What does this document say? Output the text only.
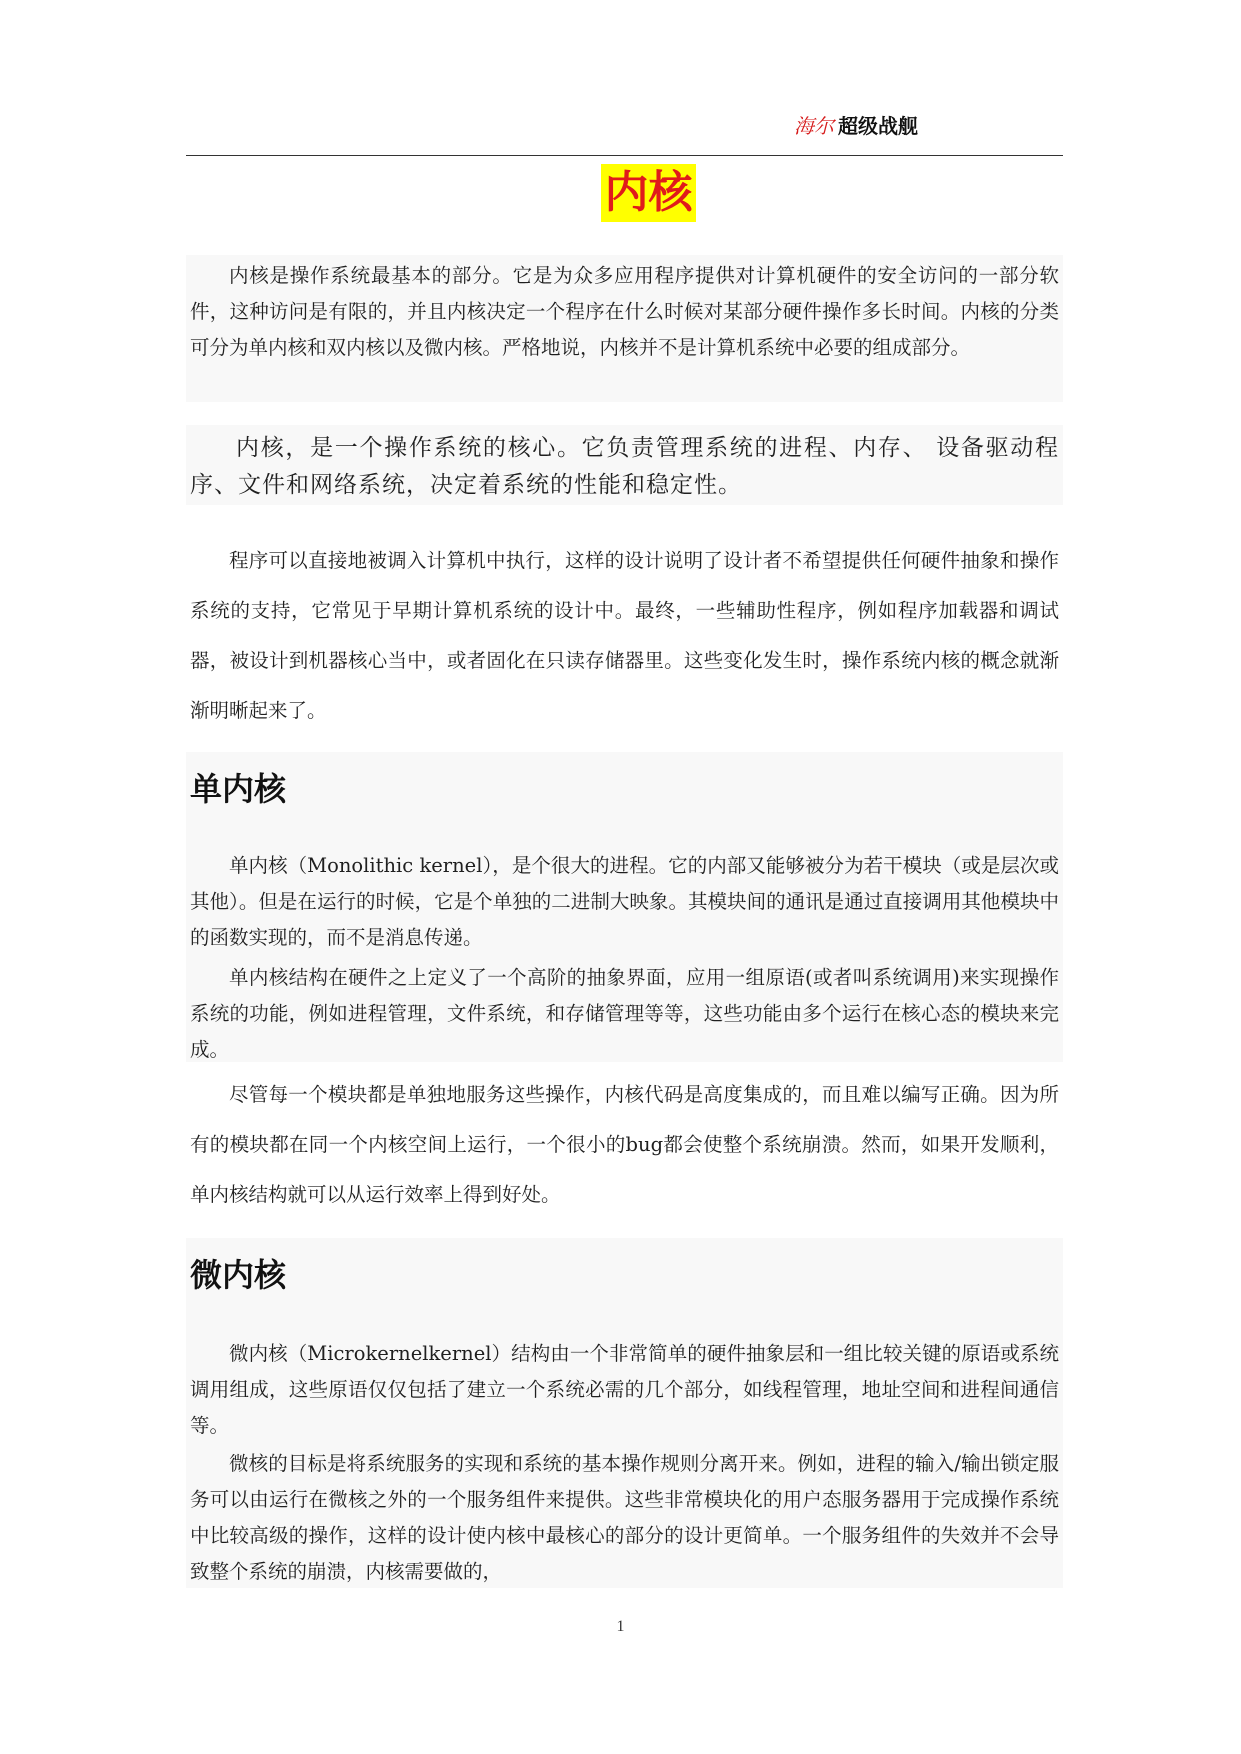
海尔 超级战舰
内核

内核是操作系统最基本的部分。它是为众多应用程序提供对计算机硬件的安全访问的一部分软件，这种访问是有限的，并且内核决定一个程序在什么时候对某部分硬件操作多长时间。内核的分类可分为单内核和双内核以及微内核。严格地说，内核并不是计算机系统中必要的组成部分。

内核，是一个操作系统的核心。它负责管理系统的进程、内存、 设备驱动程序、文件和网络系统，决定着系统的性能和稳定性。

程序可以直接地被调入计算机中执行，这样的设计说明了设计者不希望提供任何硬件抽象和操作系统的支持，它常见于早期计算机系统的设计中。最终，一些辅助性程序，例如程序加载器和调试器，被设计到机器核心当中，或者固化在只读存储器里。这些变化发生时，操作系统内核的概念就渐渐明晰起来了。

单内核

单内核（Monolithic kernel），是个很大的进程。它的内部又能够被分为若干模块（或是层次或其他）。但是在运行的时候，它是个单独的二进制大映象。其模块间的通讯是通过直接调用其他模块中的函数实现的，而不是消息传递。

单内核结构在硬件之上定义了一个高阶的抽象界面，应用一组原语(或者叫系统调用)来实现操作系统的功能，例如进程管理，文件系统，和存储管理等等，这些功能由多个运行在核心态的模块来完成。

尽管每一个模块都是单独地服务这些操作，内核代码是高度集成的，而且难以编写正确。因为所有的模块都在同一个内核空间上运行，一个很小的bug都会使整个系统崩溃。然而，如果开发顺利，单内核结构就可以从运行效率上得到好处。

微内核

微内核（Microkernelkernel）结构由一个非常简单的硬件抽象层和一组比较关键的原语或系统调用组成，这些原语仅仅包括了建立一个系统必需的几个部分，如线程管理，地址空间和进程间通信等。

微核的目标是将系统服务的实现和系统的基本操作规则分离开来。例如，进程的输入/输出锁定服务可以由运行在微核之外的一个服务组件来提供。这些非常模块化的用户态服务器用于完成操作系统中比较高级的操作，这样的设计使内核中最核心的部分的设计更简单。一个服务组件的失效并不会导致整个系统的崩溃，内核需要做的，

1
